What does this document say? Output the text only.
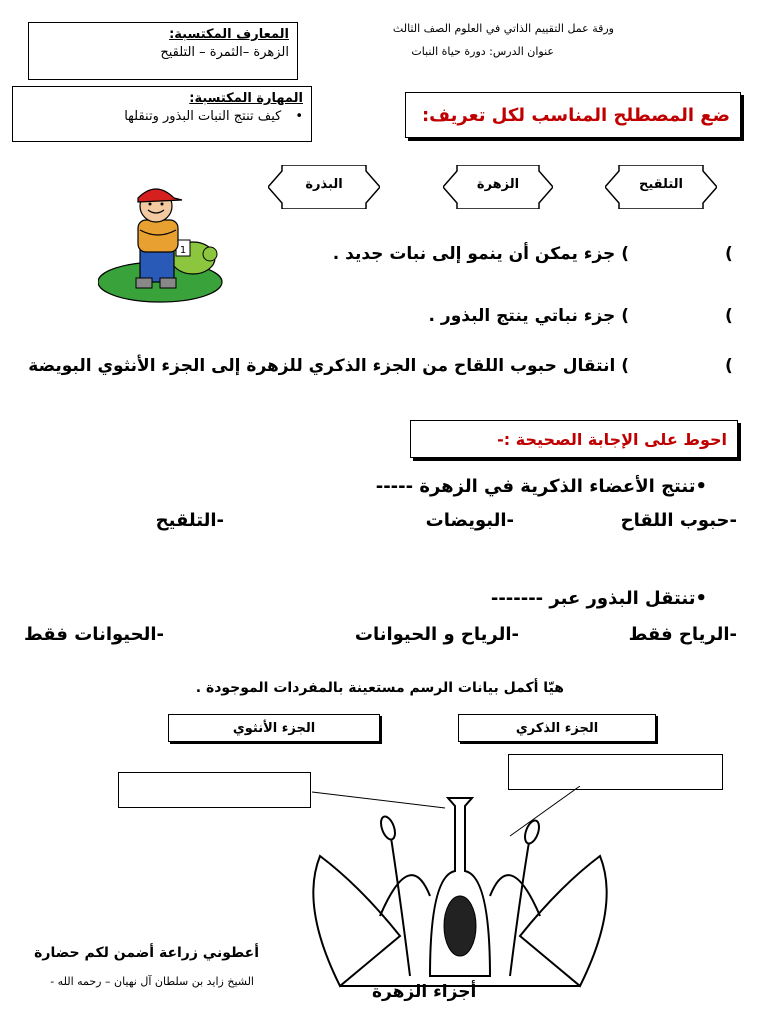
ورقة عمل التقييم الذاتي في العلوم الصف الثالث
عنوان الدرس: دورة حياة النبات
المعارف المكتسبة:
الزهرة –الثمرة – التلقيح
المهارة المكتسبة:
•
كيف تنتج النبات البذور وتنقلها	ضع المصطلح المناسب لكل تعريف:
التلقيح
الزهرة
البذرة
1	(
) جزء يمكن أن ينمو إلى نبات جديد .
(
) جزء نباتي ينتج البذور .
(
) انتقال حبوب اللقاح من الجزء الذكري للزهرة إلى الجزء الأنثوي البويضة
احوط على الإجابة الصحيحة :-
•تنتج الأعضاء الذكرية في الزهرة -----
-حبوب اللقاح
-البويضات
-التلقيح
•تنتقل البذور عبر -------
-الرياح فقط
-الرياح و الحيوانات
-الحيوانات فقط
هيّا أكمل بيانات الرسم مستعينة بالمفردات الموجودة .
الجزء الذكري
الجزء الأنثوي
أجزاء الزهرة
أعطوني زراعة أضمن لكم حضارة
الشيخ زايد بن سلطان آل نهيان – رحمه الله -
